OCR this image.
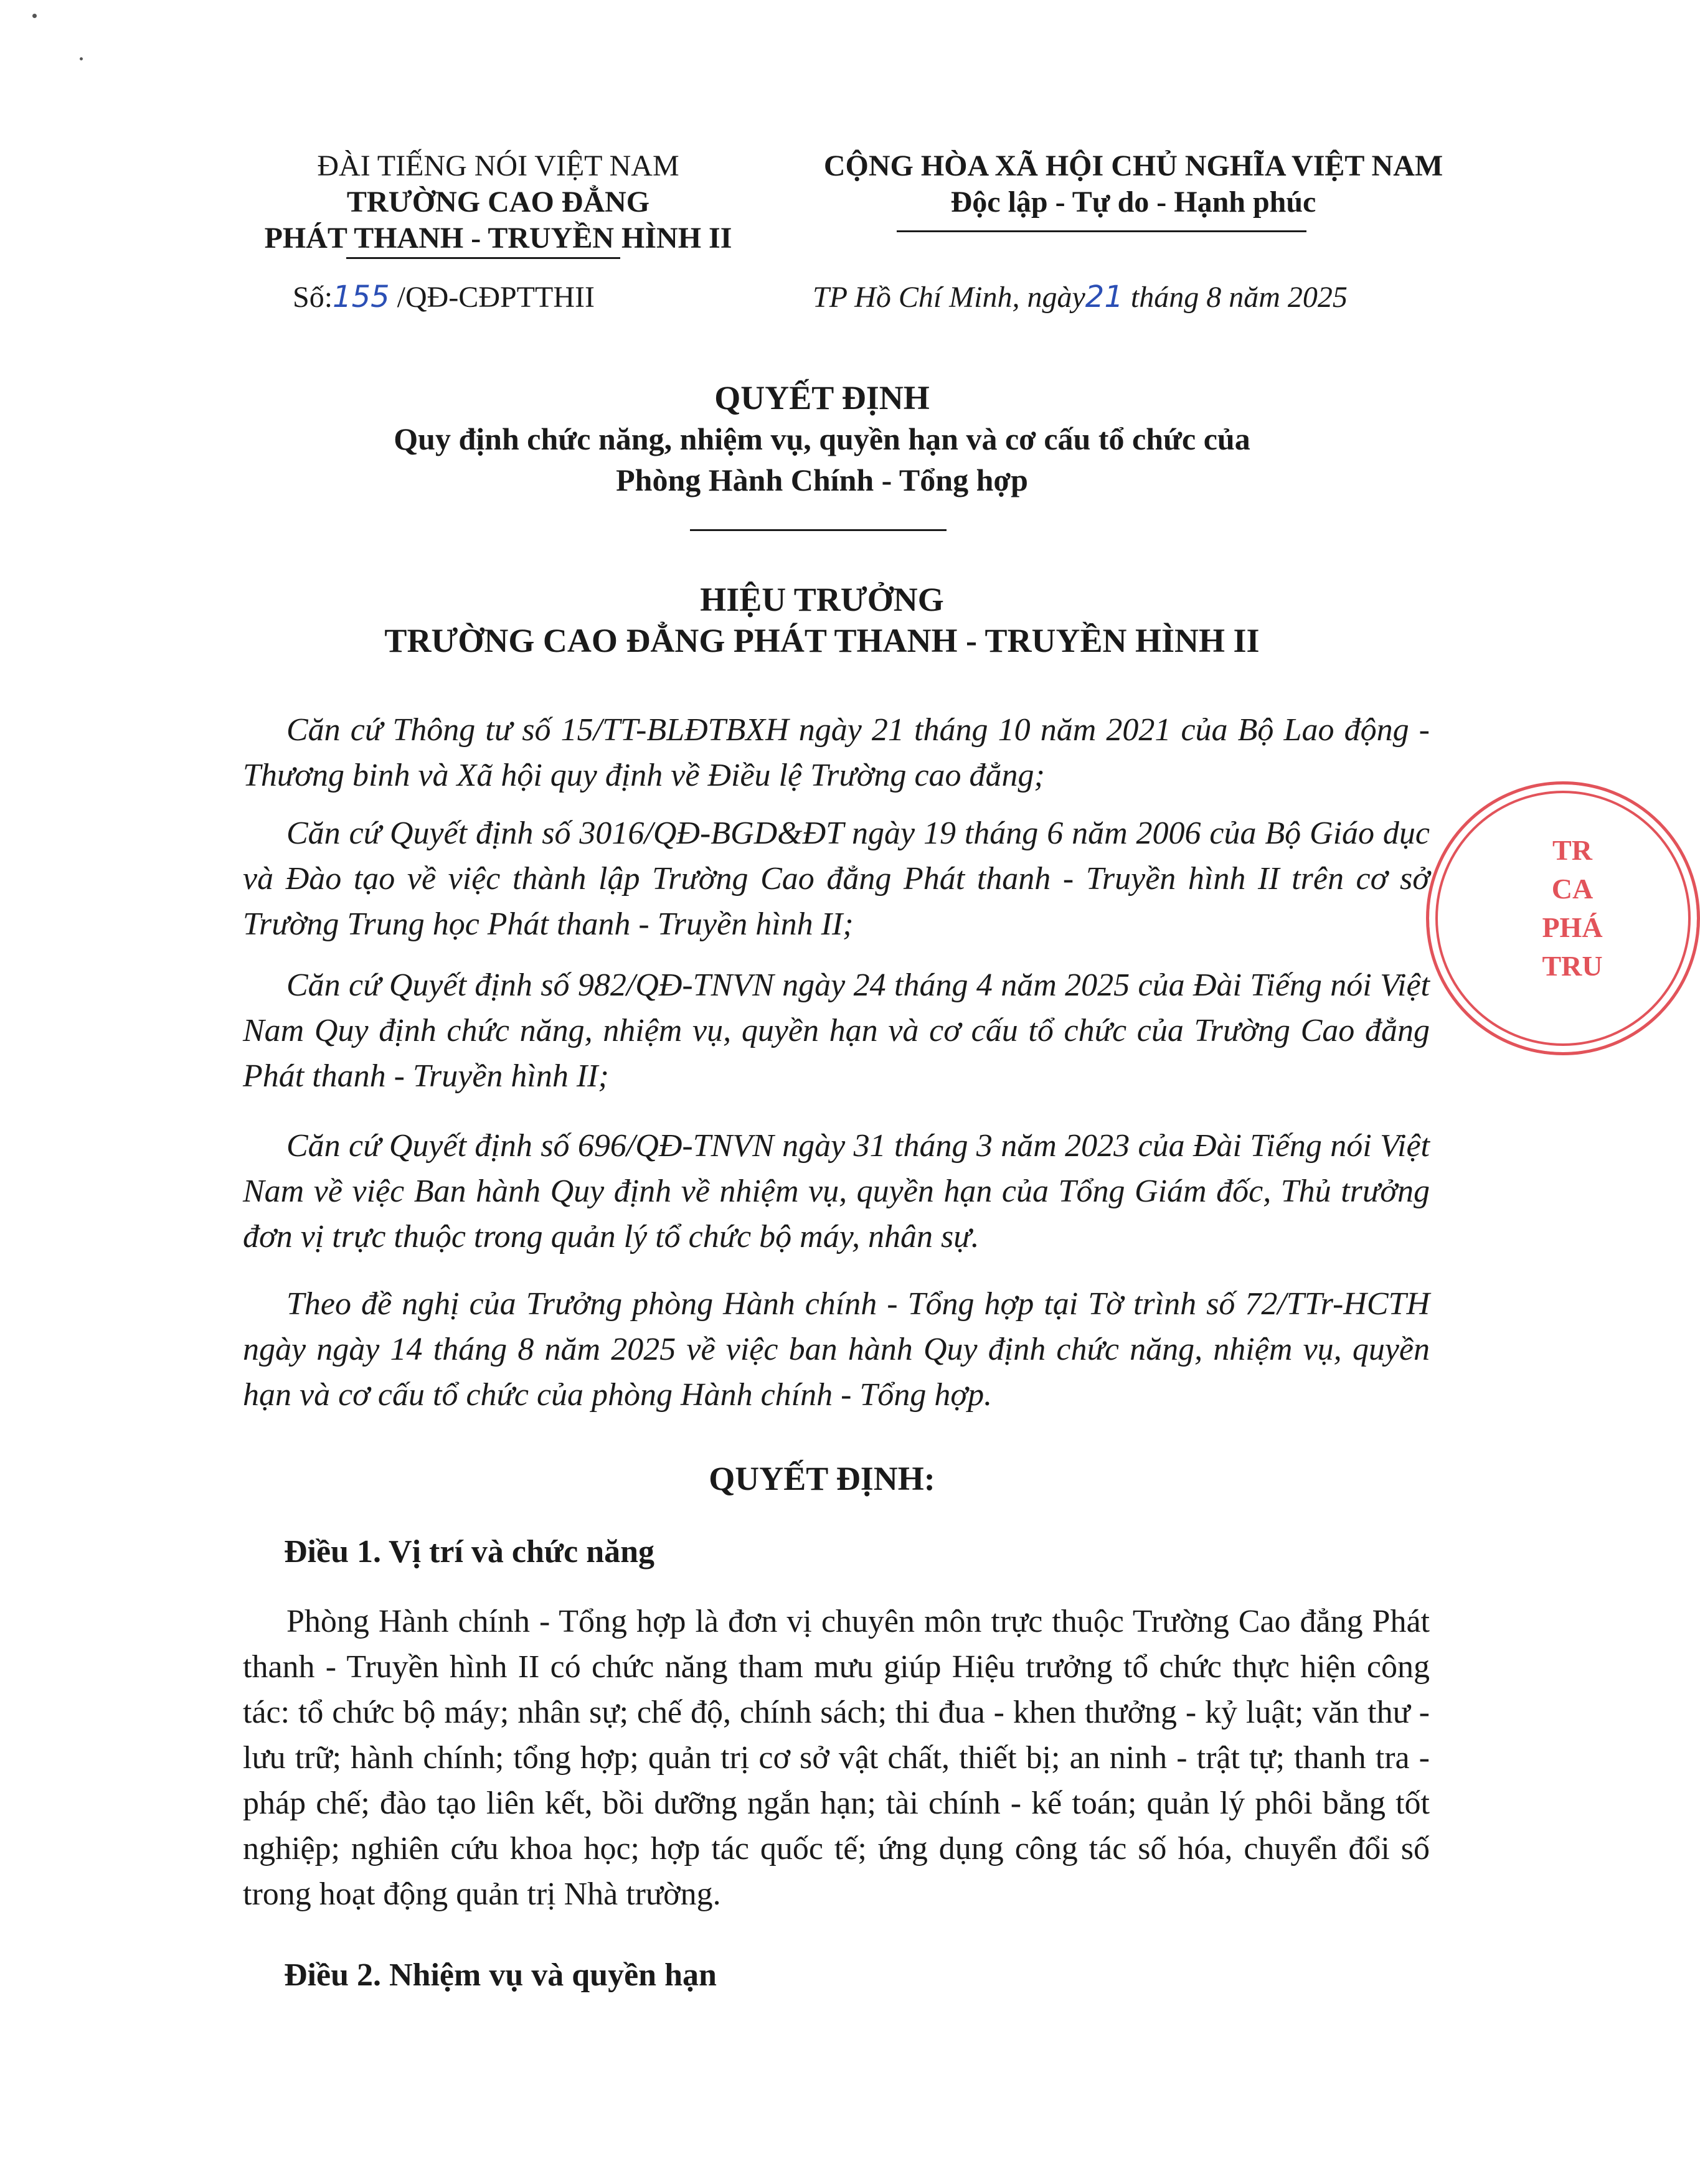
ĐÀI TIẾNG NÓI VIỆT NAM
TRƯỜNG CAO ĐẲNG
PHÁT THANH - TRUYỀN HÌNH II
Số:155 /QĐ-CĐPTTHII
CỘNG HÒA XÃ HỘI CHỦ NGHĨA VIỆT NAM
Độc lập - Tự do - Hạnh phúc
TP Hồ Chí Minh, ngày21 tháng 8 năm 2025
QUYẾT ĐỊNH
Quy định chức năng, nhiệm vụ, quyền hạn và cơ cấu tổ chức của
Phòng Hành Chính - Tổng hợp
HIỆU TRƯỞNG
TRƯỜNG CAO ĐẲNG PHÁT THANH - TRUYỀN HÌNH II
Căn cứ Thông tư số 15/TT-BLĐTBXH ngày 21 tháng 10 năm 2021 của Bộ Lao động - Thương binh và Xã hội quy định về Điều lệ Trường cao đẳng;
Căn cứ Quyết định số 3016/QĐ-BGD&ĐT ngày 19 tháng 6 năm 2006 của Bộ Giáo dục và Đào tạo về việc thành lập Trường Cao đẳng Phát thanh - Truyền hình II trên cơ sở Trường Trung học Phát thanh - Truyền hình II;
Căn cứ Quyết định số 982/QĐ-TNVN ngày 24 tháng 4 năm 2025 của Đài Tiếng nói Việt Nam Quy định chức năng, nhiệm vụ, quyền hạn và cơ cấu tổ chức của Trường Cao đẳng Phát thanh - Truyền hình II;
Căn cứ Quyết định số 696/QĐ-TNVN ngày 31 tháng 3 năm 2023 của Đài Tiếng nói Việt Nam về việc Ban hành Quy định về nhiệm vụ, quyền hạn của Tổng Giám đốc, Thủ trưởng đơn vị trực thuộc trong quản lý tổ chức bộ máy, nhân sự.
Theo đề nghị của Trưởng phòng Hành chính - Tổng hợp tại Tờ trình số 72/TTr-HCTH ngày ngày 14 tháng 8 năm 2025 về việc ban hành Quy định chức năng, nhiệm vụ, quyền hạn và cơ cấu tổ chức của phòng Hành chính - Tổng hợp.
QUYẾT ĐỊNH:
Điều 1. Vị trí và chức năng
Phòng Hành chính - Tổng hợp là đơn vị chuyên môn trực thuộc Trường Cao đẳng Phát thanh - Truyền hình II có chức năng tham mưu giúp Hiệu trưởng tổ chức thực hiện công tác: tổ chức bộ máy; nhân sự; chế độ, chính sách; thi đua - khen thưởng - kỷ luật; văn thư - lưu trữ; hành chính; tổng hợp; quản trị cơ sở vật chất, thiết bị; an ninh - trật tự; thanh tra - pháp chế; đào tạo liên kết, bồi dưỡng ngắn hạn; tài chính - kế toán; quản lý phôi bằng tốt nghiệp; nghiên cứu khoa học; hợp tác quốc tế; ứng dụng công tác số hóa, chuyển đổi số trong hoạt động quản trị Nhà trường.
Điều 2. Nhiệm vụ và quyền hạn
TR
CA
PHÁ
TRU
